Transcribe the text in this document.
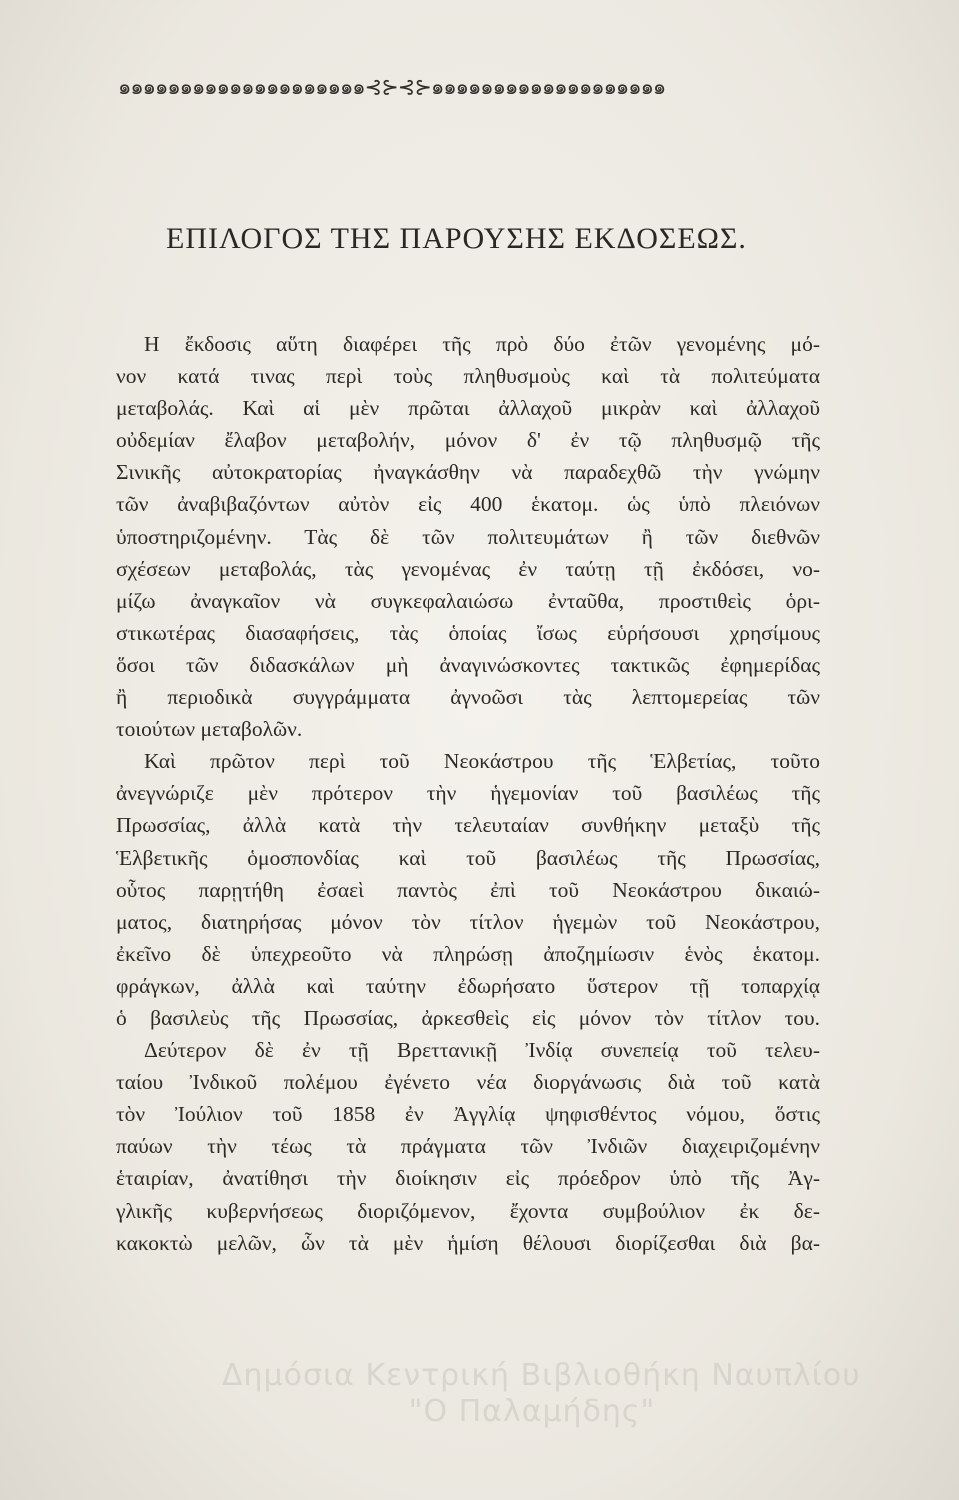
๑๑๑๑๑๑๑๑๑๑๑๑๑๑๑๑๑๑๑๑⊰⊱⊰⊱๑๑๑๑๑๑๑๑๑๑๑๑๑๑๑๑๑๑๑
ΕΠΙΛΟΓΟΣ ΤΗΣ ΠΑΡΟΥΣΗΣ ΕΚΔΟΣΕΩΣ.
Η ἔκδοσις αὕτη διαφέρει τῆς πρὸ δύο ἐτῶν γενομένης μό-
νον κατά τινας περὶ τοὺς πληθυσμοὺς καὶ τὰ πολιτεύματα
μεταβολάς. Καὶ αἱ μὲν πρῶται ἀλλαχοῦ μικρὰν καὶ ἀλλαχοῦ
οὐδεμίαν ἔλαβον μεταβολήν, μόνον δ' ἐν τῷ πληθυσμῷ τῆς
Σινικῆς αὐτοκρατορίας ἠναγκάσθην νὰ παραδεχθῶ τὴν γνώμην
τῶν ἀναβιβαζόντων αὐτὸν εἰς 400 ἑκατομ. ὡς ὑπὸ πλειόνων
ὑποστηριζομένην. Τὰς δὲ τῶν πολιτευμάτων ἢ τῶν διεθνῶν
σχέσεων μεταβολάς, τὰς γενομένας ἐν ταύτῃ τῇ ἐκδόσει, νο-
μίζω ἀναγκαῖον νὰ συγκεφαλαιώσω ἐνταῦθα, προστιθεὶς ὁρι-
στικωτέρας διασαφήσεις, τὰς ὁποίας ἴσως εὑρήσουσι χρησίμους
ὅσοι τῶν διδασκάλων μὴ ἀναγινώσκοντες τακτικῶς ἐφημερίδας
ἢ περιοδικὰ συγγράμματα ἀγνοῶσι τὰς λεπτομερείας τῶν
τοιούτων μεταβολῶν.
Καὶ πρῶτον περὶ τοῦ Νεοκάστρου τῆς Ἑλβετίας, τοῦτο
ἀνεγνώριζε μὲν πρότερον τὴν ἡγεμονίαν τοῦ βασιλέως τῆς
Πρωσσίας, ἀλλὰ κατὰ τὴν τελευταίαν συνθήκην μεταξὺ τῆς
Ἑλβετικῆς ὁμοσπονδίας καὶ τοῦ βασιλέως τῆς Πρωσσίας,
οὗτος παρῃτήθη ἐσαεὶ παντὸς ἐπὶ τοῦ Νεοκάστρου δικαιώ-
ματος, διατηρήσας μόνον τὸν τίτλον ἡγεμὼν τοῦ Νεοκάστρου,
ἐκεῖνο δὲ ὑπεχρεοῦτο νὰ πληρώσῃ ἀποζημίωσιν ἑνὸς ἑκατομ.
φράγκων, ἀλλὰ καὶ ταύτην ἐδωρήσατο ὕστερον τῇ τοπαρχίᾳ
ὁ βασιλεὺς τῆς Πρωσσίας, ἀρκεσθεὶς εἰς μόνον τὸν τίτλον του.
Δεύτερον δὲ ἐν τῇ Βρεττανικῇ Ἰνδίᾳ συνεπείᾳ τοῦ τελευ-
ταίου Ἰνδικοῦ πολέμου ἐγένετο νέα διοργάνωσις διὰ τοῦ κατὰ
τὸν Ἰούλιον τοῦ 1858 ἐν Ἀγγλίᾳ ψηφισθέντος νόμου, ὅστις
παύων τὴν τέως τὰ πράγματα τῶν Ἰνδιῶν διαχειριζομένην
ἑταιρίαν, ἀνατίθησι τὴν διοίκησιν εἰς πρόεδρον ὑπὸ τῆς Ἀγ-
γλικῆς κυβερνήσεως διοριζόμενον, ἔχοντα συμβούλιον ἐκ δε-
κακοκτὼ μελῶν, ὧν τὰ μὲν ἡμίση θέλουσι διορίζεσθαι διὰ βα-
Δημόσια Κεντρική Βιβλιοθήκη Ναυπλίου
"Ο Παλαμήδης"
